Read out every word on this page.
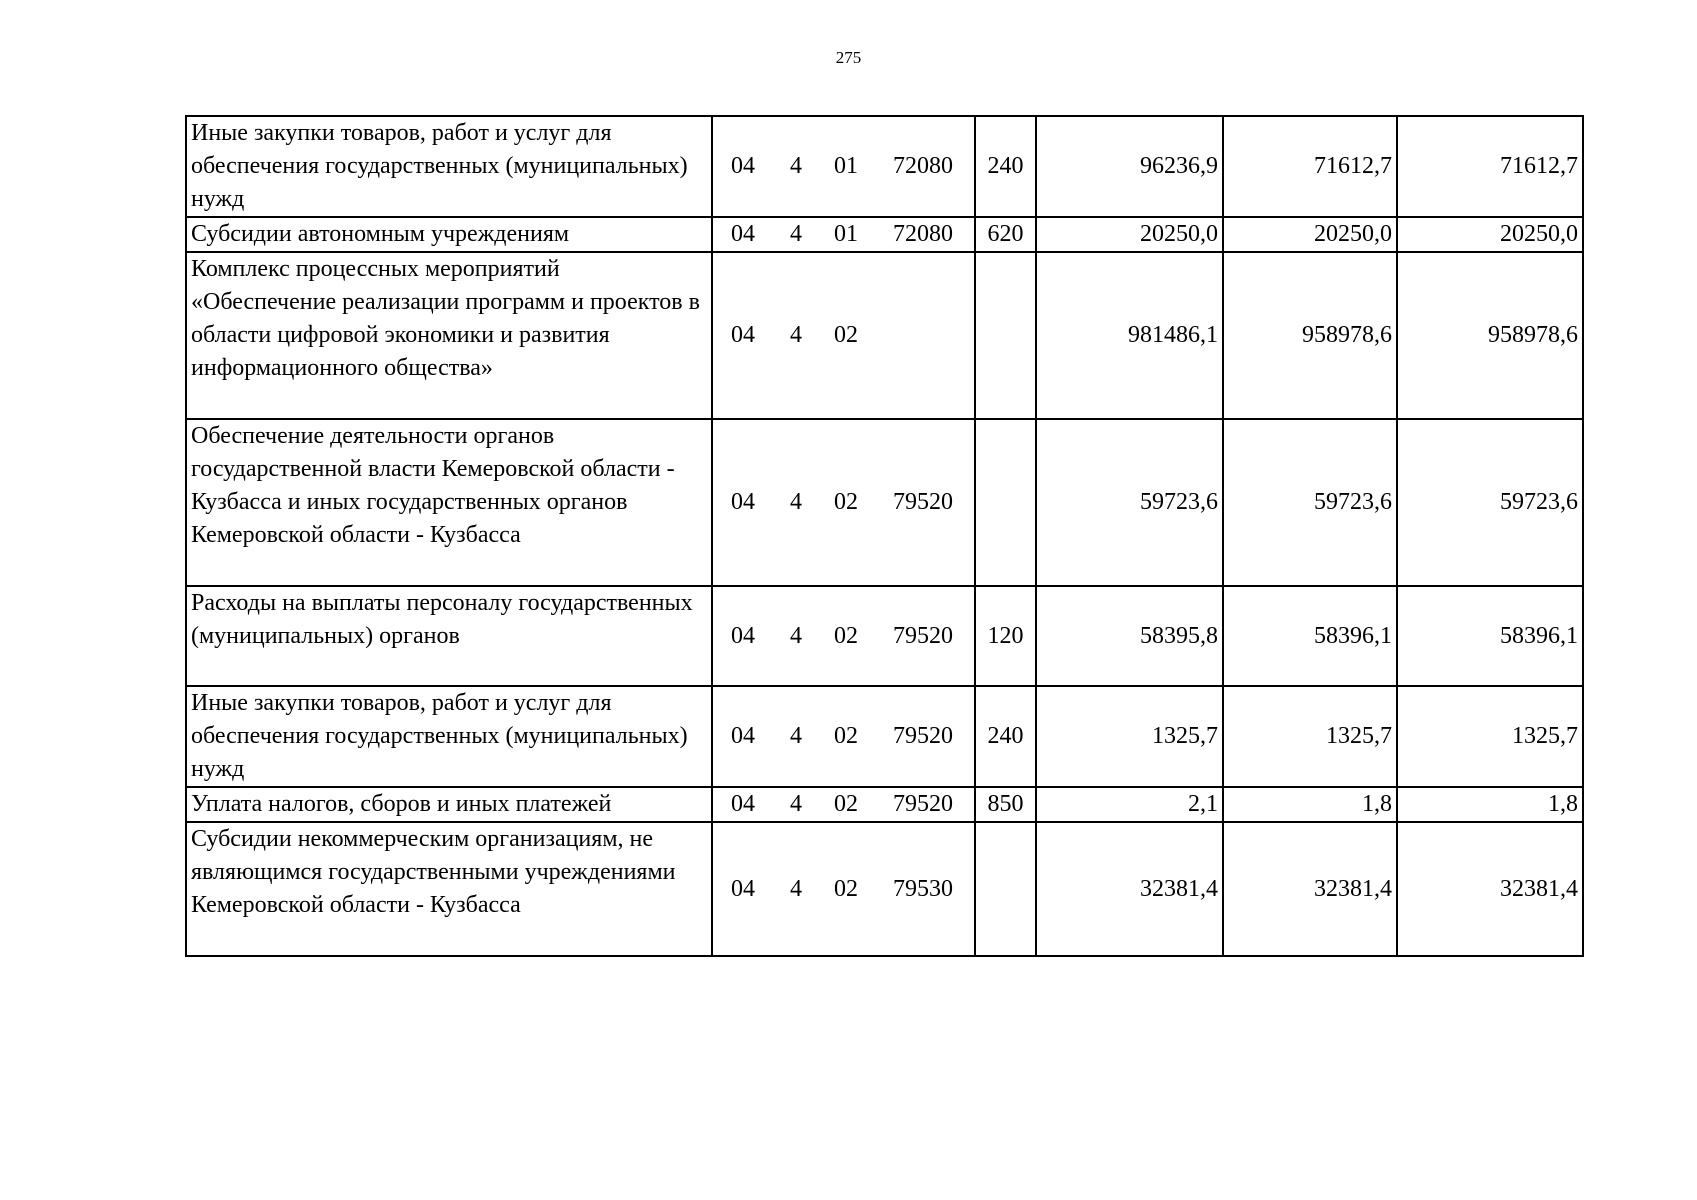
275
Иные закупки товаров, работ и услуг для обеспечения государственных (муниципальных) нужд	04 4 01 72080	240	96236,9	71612,7	71612,7
Субсидии автономным учреждениям	04 4 01 72080	620	20250,0	20250,0	20250,0
Комплекс процессных мероприятий «Обеспечение реализации программ и проектов в области цифровой экономики и развития информационного общества»	04 4 02		981486,1	958978,6	958978,6
Обеспечение деятельности органов государственной власти Кемеровской области - Кузбасса и иных государственных органов Кемеровской области - Кузбасса	04 4 02 79520		59723,6	59723,6	59723,6
Расходы на выплаты персоналу государственных (муниципальных) органов	04 4 02 79520	120	58395,8	58396,1	58396,1
Иные закупки товаров, работ и услуг для обеспечения государственных (муниципальных) нужд	04 4 02 79520	240	1325,7	1325,7	1325,7
Уплата налогов, сборов и иных платежей	04 4 02 79520	850	2,1	1,8	1,8
Субсидии некоммерческим организациям, не являющимся государственными учреждениями Кемеровской области - Кузбасса	04 4 02 79530		32381,4	32381,4	32381,4
